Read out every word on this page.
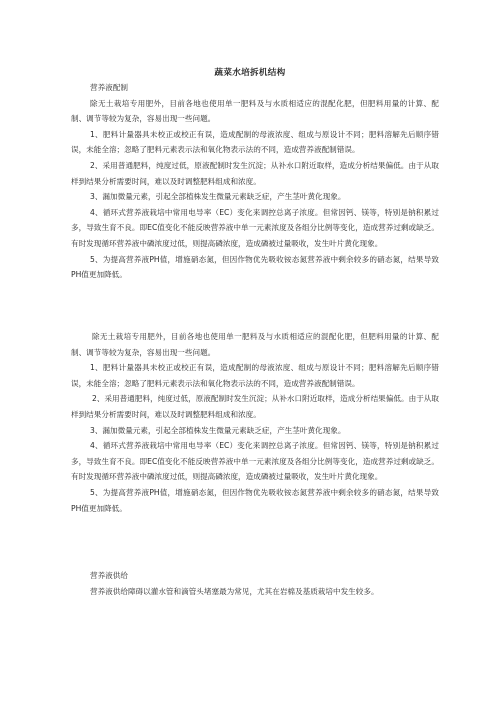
蔬菜水培拆机结构

营养液配制

除无土栽培专用肥外，目前各地也使用单一肥料及与水质相适应的混配化肥，但肥料用量的计算、配制、调节等较为复杂，容易出现一些问题。

1、肥料计量器具未校正或校正有误，造成配制的母液浓度、组成与原设计不同；肥料溶解先后顺序错误，未能全溶；忽略了肥料元素表示法和氧化物表示法的不同，造成营养液配制错误。

2、采用普通肥料，纯度过低，原液配制时发生沉淀；从补水口附近取样，造成分析结果偏低。由于从取样到结果分析需要时间，难以及时调整肥料组成和浓度。

3、漏加微量元素，引起全部植株发生微量元素缺乏症，产生茎叶黄化现象。

4、循环式营养液栽培中常用电导率（EC）变化来调控总离子浓度。但常因钙、镁等，特别是钠积累过多，导致生育不良。即EC值变化不能反映营养液中单一元素浓度及各组分比例等变化，造成营养过剩或缺乏。有时发现循环营养液中磷浓度过低，则提高磷浓度，造成磷被过量吸收，发生叶片黄化现象。

5、为提高营养液PH值，增施硝态氮，但因作物优先吸收铵态氮营养液中剩余较多的硝态氮，结果导致PH值更加降低。

除无土栽培专用肥外，目前各地也使用单一肥料及与水质相适应的混配化肥，但肥料用量的计算、配制、调节等较为复杂，容易出现一些问题。

1、肥料计量器具未校正或校正有误，造成配制的母液浓度、组成与原设计不同；肥料溶解先后顺序错误，未能全溶；忽略了肥料元素表示法和氧化物表示法的不同，造成营养液配制错误。

2、采用普通肥料，纯度过低，原液配制时发生沉淀；从补水口附近取样，造成分析结果偏低。由于从取样到结果分析需要时间，难以及时调整肥料组成和浓度。

3、漏加微量元素，引起全部植株发生微量元素缺乏症，产生茎叶黄化现象。

4、循环式营养液栽培中常用电导率（EC）变化来调控总离子浓度。但常因钙、镁等，特别是钠积累过多，导致生育不良。即EC值变化不能反映营养液中单一元素浓度及各组分比例等变化，造成营养过剩或缺乏。有时发现循环营养液中磷浓度过低，则提高磷浓度，造成磷被过量吸收，发生叶片黄化现象。

5、为提高营养液PH值，增施硝态氮，但因作物优先吸收铵态氮营养液中剩余较多的硝态氮，结果导致PH值更加降低。

营养液供给

营养液供给障碍以灌水管和滴管头堵塞最为常见，尤其在岩棉及基质栽培中发生较多。
